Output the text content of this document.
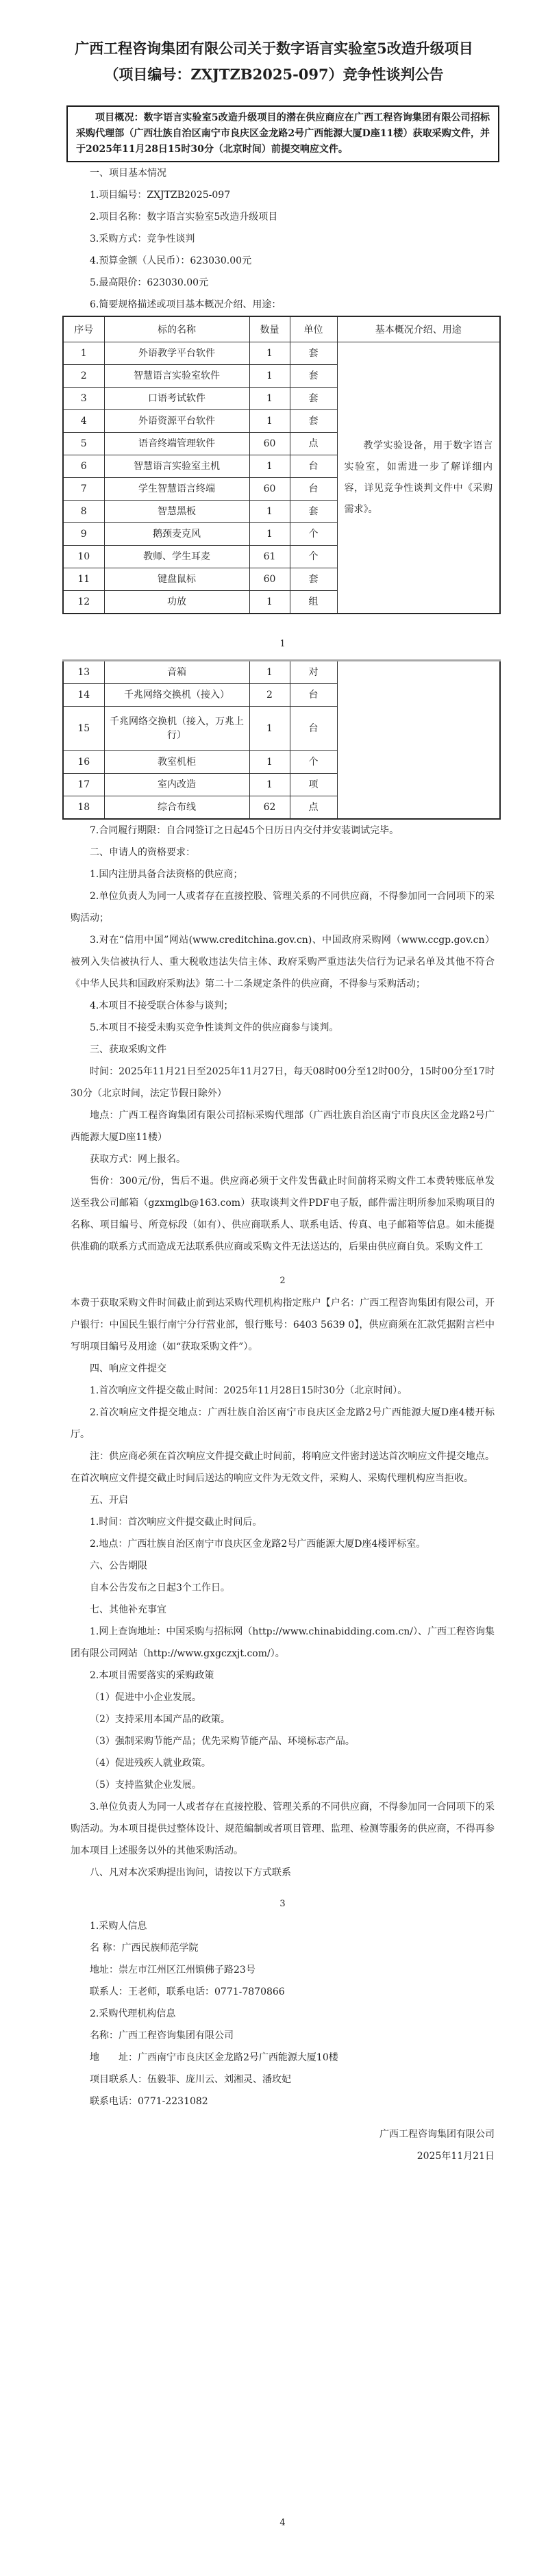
广西工程咨询集团有限公司关于数字语言实验室5改造升级项目
（项目编号：ZXJTZB2025-097）竞争性谈判公告

项目概况：数字语言实验室5改造升级项目的潜在供应商应在广西工程咨询集团有限公司招标采购代理部（广西壮族自治区南宁市良庆区金龙路2号广西能源大厦D座11楼）获取采购文件，并于2025年11月28日15时30分（北京时间）前提交响应文件。

一、项目基本情况

1.项目编号：ZXJTZB2025-097

2.项目名称：数字语言实验室5改造升级项目

3.采购方式：竞争性谈判

4.预算金额（人民币）：623030.00元

5.最高限价：623030.00元

6.简要规格描述或项目基本概况介绍、用途：

序号	标的名称	数量	单位	基本概况介绍、用途
1	外语教学平台软件	1	套	教学实验设备，用于数字语言实验室，如需进一步了解详细内容，详见竞争性谈判文件中《采购需求》。

2	智慧语言实验室软件	1	套	
3	口语考试软件	1	套	
4	外语资源平台软件	1	套	
5	语音终端管理软件	60	点	
6	智慧语言实验室主机	1	台	
7	学生智慧语言终端	60	台	
8	智慧黑板	1	套	
9	鹅颈麦克风	1	个	
10	教师、学生耳麦	61	个	
11	键盘鼠标	60	套	
12	功放	1	组	

1

13	音箱	1	对	
14	千兆网络交换机（接入）	2	台	
15	千兆网络交换机（接入，万兆上行）	1	台	
16	教室机柜	1	个	
17	室内改造	1	项	
18	综合布线	62	点	

7.合同履行期限：自合同签订之日起45个日历日内交付并安装调试完毕。

二、申请人的资格要求：

1.国内注册具备合法资格的供应商；

2.单位负责人为同一人或者存在直接控股、管理关系的不同供应商，不得参加同一合同项下的采购活动；

3.对在“信用中国”网站(www.creditchina.gov.cn)、中国政府采购网（www.ccgp.gov.cn）被列入失信被执行人、重大税收违法失信主体、政府采购严重违法失信行为记录名单及其他不符合《中华人民共和国政府采购法》第二十二条规定条件的供应商，不得参与采购活动；

4.本项目不接受联合体参与谈判；

5.本项目不接受未购买竞争性谈判文件的供应商参与谈判。

三、获取采购文件

时间：2025年11月21日至2025年11月27日，每天08时00分至12时00分，15时00分至17时30分（北京时间，法定节假日除外）

地点：广西工程咨询集团有限公司招标采购代理部（广西壮族自治区南宁市良庆区金龙路2号广西能源大厦D座11楼）

获取方式：网上报名。

售价：300元/份，售后不退。供应商必须于文件发售截止时间前将采购文件工本费转账底单发送至我公司邮箱（gzxmglb@163.com）获取谈判文件PDF电子版，邮件需注明所参加采购项目的名称、项目编号、所竞标段（如有）、供应商联系人、联系电话、传真、电子邮箱等信息。如未能提供准确的联系方式而造成无法联系供应商或采购文件无法送达的，后果由供应商自负。采购文件工

2

本费于获取采购文件时间截止前到达采购代理机构指定账户【户名：广西工程咨询集团有限公司，开户银行：中国民生银行南宁分行营业部，银行账号：6403 5639 0】，供应商须在汇款凭据附言栏中写明项目编号及用途（如“获取采购文件”）。

四、响应文件提交

1.首次响应文件提交截止时间：2025年11月28日15时30分（北京时间）。

2.首次响应文件提交地点：广西壮族自治区南宁市良庆区金龙路2号广西能源大厦D座4楼开标厅。

注：供应商必须在首次响应文件提交截止时间前，将响应文件密封送达首次响应文件提交地点。在首次响应文件提交截止时间后送达的响应文件为无效文件，采购人、采购代理机构应当拒收。

五、开启

1.时间：首次响应文件提交截止时间后。

2.地点：广西壮族自治区南宁市良庆区金龙路2号广西能源大厦D座4楼评标室。

六、公告期限

自本公告发布之日起3个工作日。

七、其他补充事宜

1.网上查询地址：中国采购与招标网（http://www.chinabidding.com.cn/）、广西工程咨询集团有限公司网站（http://www.gxgczxjt.com/）。

2.本项目需要落实的采购政策

（1）促进中小企业发展。

（2）支持采用本国产品的政策。

（3）强制采购节能产品；优先采购节能产品、环境标志产品。

（4）促进残疾人就业政策。

（5）支持监狱企业发展。

3.单位负责人为同一人或者存在直接控股、管理关系的不同供应商，不得参加同一合同项下的采购活动。为本项目提供过整体设计、规范编制或者项目管理、监理、检测等服务的供应商，不得再参加本项目上述服务以外的其他采购活动。

八、凡对本次采购提出询问，请按以下方式联系

3

1.采购人信息

名 称：广西民族师范学院

地址：崇左市江州区江州镇佛子路23号

联系人：王老师，联系电话：0771-7870866

2.采购代理机构信息

名称：广西工程咨询集团有限公司

地　　址：广西南宁市良庆区金龙路2号广西能源大厦10楼

项目联系人：伍毅菲、庞川云、刘湘灵、潘玫妃

联系电话：0771-2231082

广西工程咨询集团有限公司

2025年11月21日

4
